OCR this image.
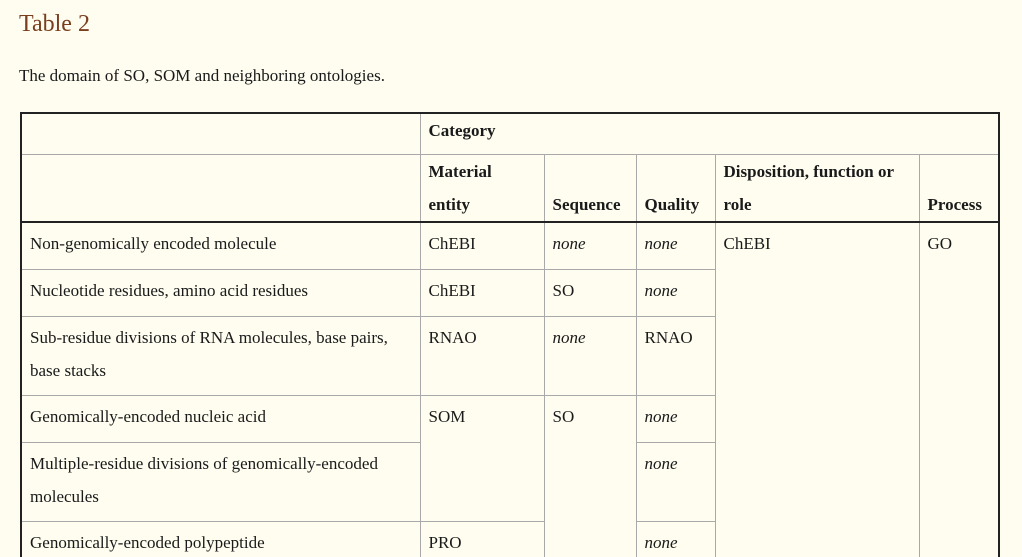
Table 2

The domain of SO, SOM and neighboring ontologies.

	Category				
	Material entity	Sequence	Quality	Disposition, function or role	Process
Non-genomically encoded molecule	ChEBI	none	none	ChEBI	GO
Nucleotide residues, amino acid residues	ChEBI	SO	none		
Sub-residue divisions of RNA molecules, base pairs, base stacks	RNAO	none	RNAO		
Genomically-encoded nucleic acid	SOM	SO	none		
Multiple-residue divisions of genomically-encoded molecules			none		
Genomically-encoded polypeptide	PRO		none		
